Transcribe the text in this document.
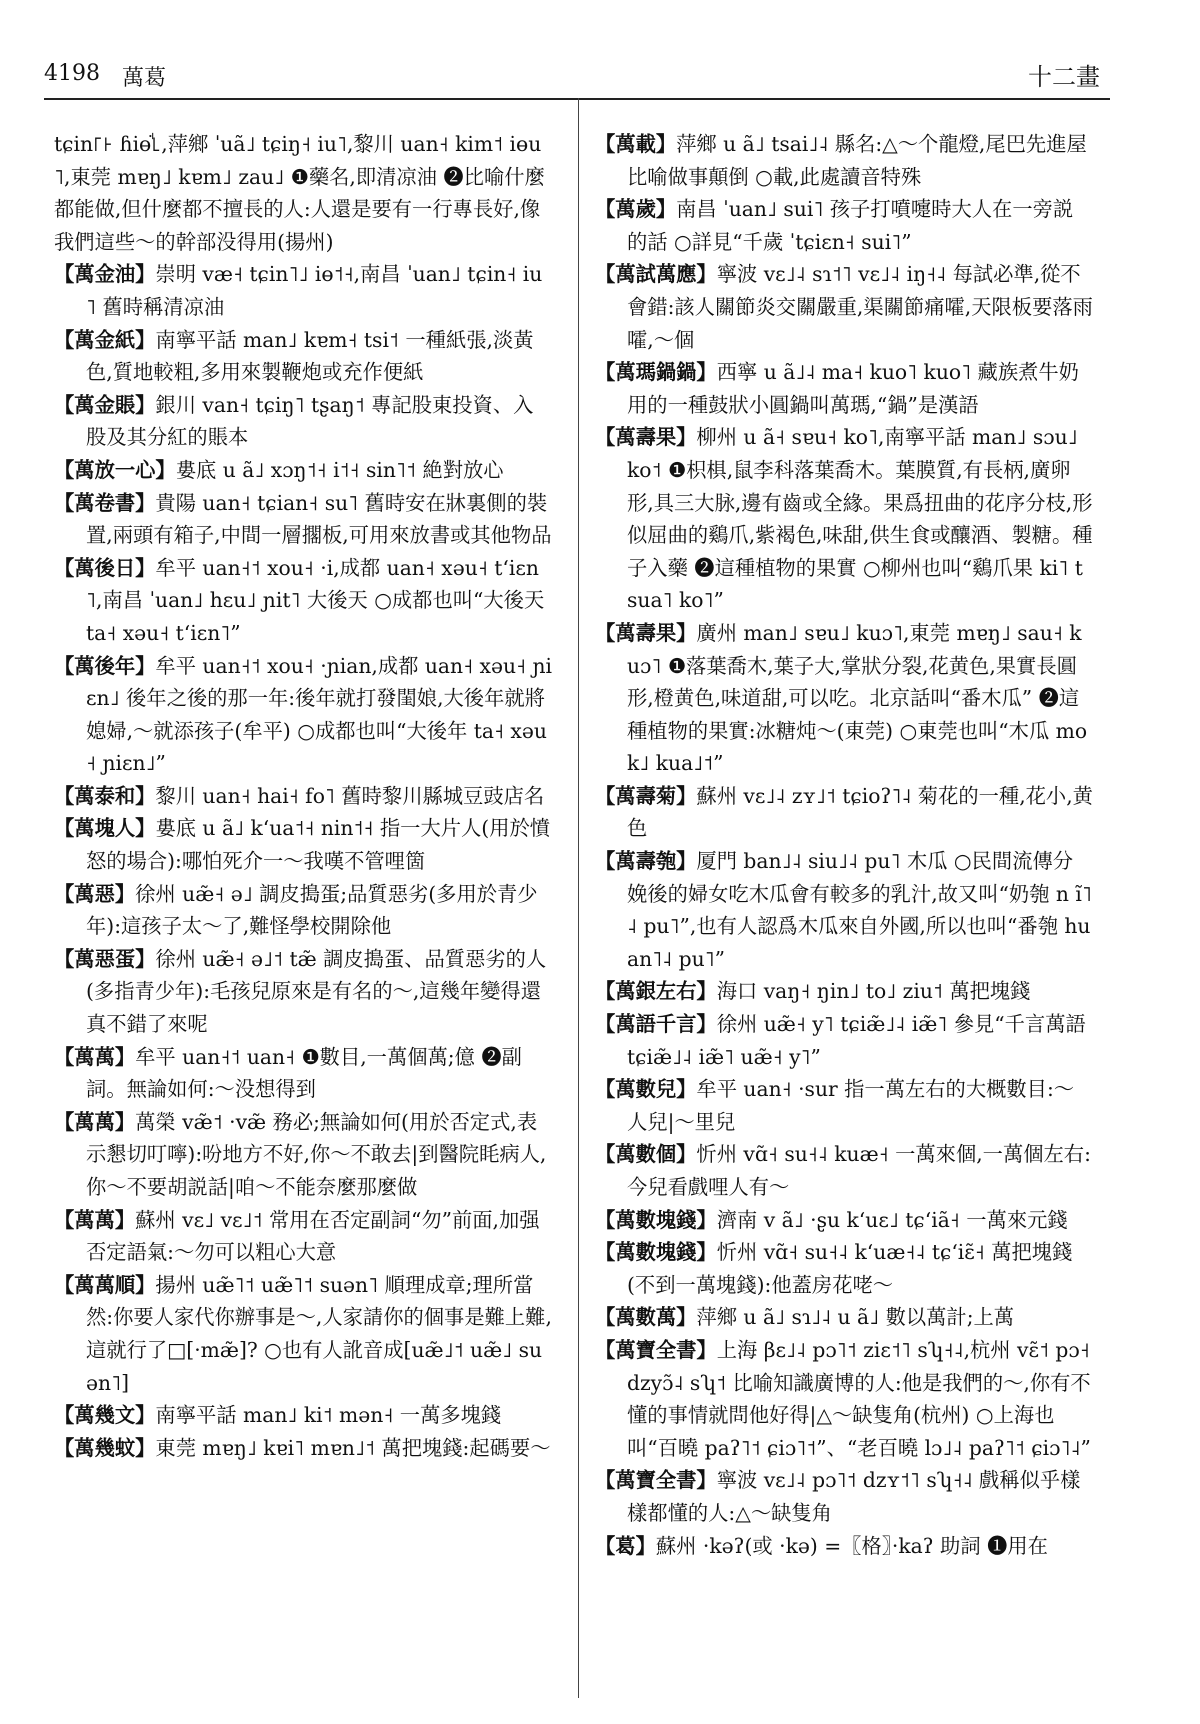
4198 萬葛	十二畫

tɕin꜒꜔ ɦiɵꜗ꜖,萍鄉 ˈuã˩ tɕiŋ˧ iu˥,黎川 uan˧ kim˦ iɵu˥,東莞 mɐŋ˩ kɐm˩ zau˩ ❶藥名,即清凉油 ❷比喻什麼都能做,但什麼都不擅長的人:人還是要有一行專長好,像我們這些～的幹部没得用(揚州)

【萬金油】崇明 væ˧ tɕin˥˩ iɵ˦˧,南昌 ˈuan˩ tɕin˧ iu˥ 舊時稱清凉油

【萬金紙】南寧平話 man˩ kɐm˧ tsi˦ 一種紙張,淡黃色,質地較粗,多用來製鞭炮或充作便紙

【萬金賬】銀川 van˧ tɕiŋ˥ tʂaŋ˦ 專記股東投資、入股及其分紅的賬本

【萬放一心】婁底 u ã˩ xɔŋ˦˧ i˦˧ sin˥˦ 絶對放心

【萬卷書】貴陽 uan˧ tɕian˧ su˥ 舊時安在牀裏側的裝置,兩頭有箱子,中間一層擱板,可用來放書或其他物品

【萬後日】牟平 uan˧˦ xou˧ ·i,成都 uan˧ xəu˧ tʻiɛn˥,南昌 ˈuan˩ hɛu˩ ɲit˥ 大後天 ○成都也叫“大後天 ta˧ xəu˧ tʻiɛn˥”

【萬後年】牟平 uan˧˦ xou˧ ·ɲian,成都 uan˧ xəu˧ ɲiɛn˩ 後年之後的那一年:後年就打發閨娘,大後年就將媳婦,～就添孩子(牟平) ○成都也叫“大後年 ta˧ xəu˧ ɲiɛn˩”

【萬泰和】黎川 uan˧ hai˧ fo˥ 舊時黎川縣城豆豉店名

【萬塊人】婁底 u ã˩ kʻua˦˧ nin˦˧ 指一大片人(用於憤怒的場合):哪怕死介一～我嘆不管哩箇

【萬惡】徐州 uæ̃˧ ə˩ 調皮搗蛋;品質惡劣(多用於青少年):這孩子太～了,難怪學校開除他

【萬惡蛋】徐州 uæ̃˧ ə˩˦ tæ̃ 調皮搗蛋、品質惡劣的人(多指青少年):毛孩兒原來是有名的～,這幾年變得還真不錯了來呢

【萬萬】牟平 uan˧˦ uan˧ ❶數目,一萬個萬;億 ❷副詞。無論如何:～没想得到

【萬萬】萬榮 væ̃˦ ·væ̃ 務必;無論如何(用於否定式,表示懇切叮嚀):吩地方不好,你～不敢去|到醫院眊病人,你～不要胡説話|咱～不能奈麼那麼做

【萬萬】蘇州 vɛ˩ vɛ˩˦ 常用在否定副詞“勿”前面,加强否定語氣:～勿可以粗心大意

【萬萬順】揚州 uæ̃˥˦ uæ̃˥˦ suən˥ 順理成章;理所當然:你要人家代你辦事是～,人家請你的個事是難上難,這就行了□[·mæ̃]? ○也有人訛音成[uæ̃˩˦ uæ̃˩ suən˥]

【萬幾文】南寧平話 man˩ ki˦ mən˧ 一萬多塊錢

【萬幾蚊】東莞 mɐŋ˩ kɐi˥ mɐn˩˦ 萬把塊錢:起碼要～

【萬載】萍鄉 u ã˩ tsai˩˨ 縣名:△～个龍燈,尾巴先進屋比喻做事顛倒 ○載,此處讀音特殊

【萬歲】南昌 ˈuan˩ sui˥ 孩子打噴嚏時大人在一旁説的話 ○詳見“千歲 ˈtɕiɛn˧ sui˥”

【萬試萬應】寧波 vɛ˩˨ sɿ˦˥ vɛ˩˨ iŋ˧˨ 每試必準,從不會錯:該人關節炎交關嚴重,渠關節痛嚯,天限板要落雨嚯,～個

【萬瑪鍋鍋】西寧 u ã˩˨ ma˧ kuo˥ kuo˥ 藏族煮牛奶用的一種鼓狀小圓鍋叫萬瑪,“鍋”是漢語

【萬壽果】柳州 u ã˧ sɐu˧ ko˥,南寧平話 man˩ sɔu˩ ko˦ ❶枳椇,鼠李科落葉喬木。葉膜質,有長柄,廣卵形,具三大脉,邊有齒或全緣。果爲扭曲的花序分枝,形似屈曲的鷄爪,紫褐色,味甜,供生食或釀酒、製糖。種子入藥 ❷這種植物的果實 ○柳州也叫“鷄爪果 ki˥ tsua˥ ko˥”

【萬壽果】廣州 man˩ sɐu˩ kuɔ˥,東莞 mɐŋ˩ sau˧ kuɔ˥ ❶落葉喬木,葉子大,掌狀分裂,花黄色,果實長圓形,橙黄色,味道甜,可以吃。北京話叫“番木瓜” ❷這種植物的果實:冰糖炖～(東莞) ○東莞也叫“木瓜 mok˩ kua˩˦”

【萬壽菊】蘇州 vɛ˩˨ zʏ˩˦ tɕioʔ˥˨ 菊花的一種,花小,黄色

【萬壽匏】厦門 ban˩˨ siu˩˨ pu˥ 木瓜 ○民間流傳分娩後的婦女吃木瓜會有較多的乳汁,故又叫“奶匏 n ĩ˥˨ pu˥”,也有人認爲木瓜來自外國,所以也叫“番匏 huan˥˨ pu˥”

【萬銀左右】海口 vaŋ˧ ŋin˩ to˩ ziu˦ 萬把塊錢

【萬語千言】徐州 uæ̃˧ y˥ tɕiæ̃˩˨ iæ̃˥ 參見“千言萬語 tɕiæ̃˩˨ iæ̃˥ uæ̃˧ y˥”

【萬數兒】牟平 uan˧ ·sur 指一萬左右的大概數目:～人兒|～里兒

【萬數個】忻州 vɑ̃˧ su˧˨ kuæ˧ 一萬來個,一萬個左右:今兒看戲哩人有～

【萬數塊錢】濟南 v ã˩ ·ʂu kʻuɛ˩ tɕʻiã˧ 一萬來元錢

【萬數塊錢】忻州 vɑ̃˧ su˧˨ kʻuæ˧˨ tɕʻiɛ̃˧ 萬把塊錢(不到一萬塊錢):他蓋房花咾～

【萬數萬】萍鄉 u ã˩ sɿ˩˨ u ã˩ 數以萬計;上萬

【萬寶全書】上海 βɛ˩˨ pɔ˥˦ ziɛ˦˥ sʮ˧˨,杭州 vɛ̃˦ pɔ˧ dzyɔ̃˨ sʮ˦ 比喻知識廣博的人:他是我們的～,你有不懂的事情就問他好得|△～缺隻角(杭州) ○上海也叫“百曉 paʔ˥˦ ɕiɔ˥˦”、“老百曉 lɔ˩˨ paʔ˥˦ ɕiɔ˥˨”

【萬寶全書】寧波 vɛ˩˨ pɔ˥˦ dzʏ˦˥ sʮ˧˨ 戲稱似乎樣樣都懂的人:△～缺隻角

【葛】蘇州 ·kəʔ(或 ·kə) =〖格〗·kaʔ 助詞 ❶用在
